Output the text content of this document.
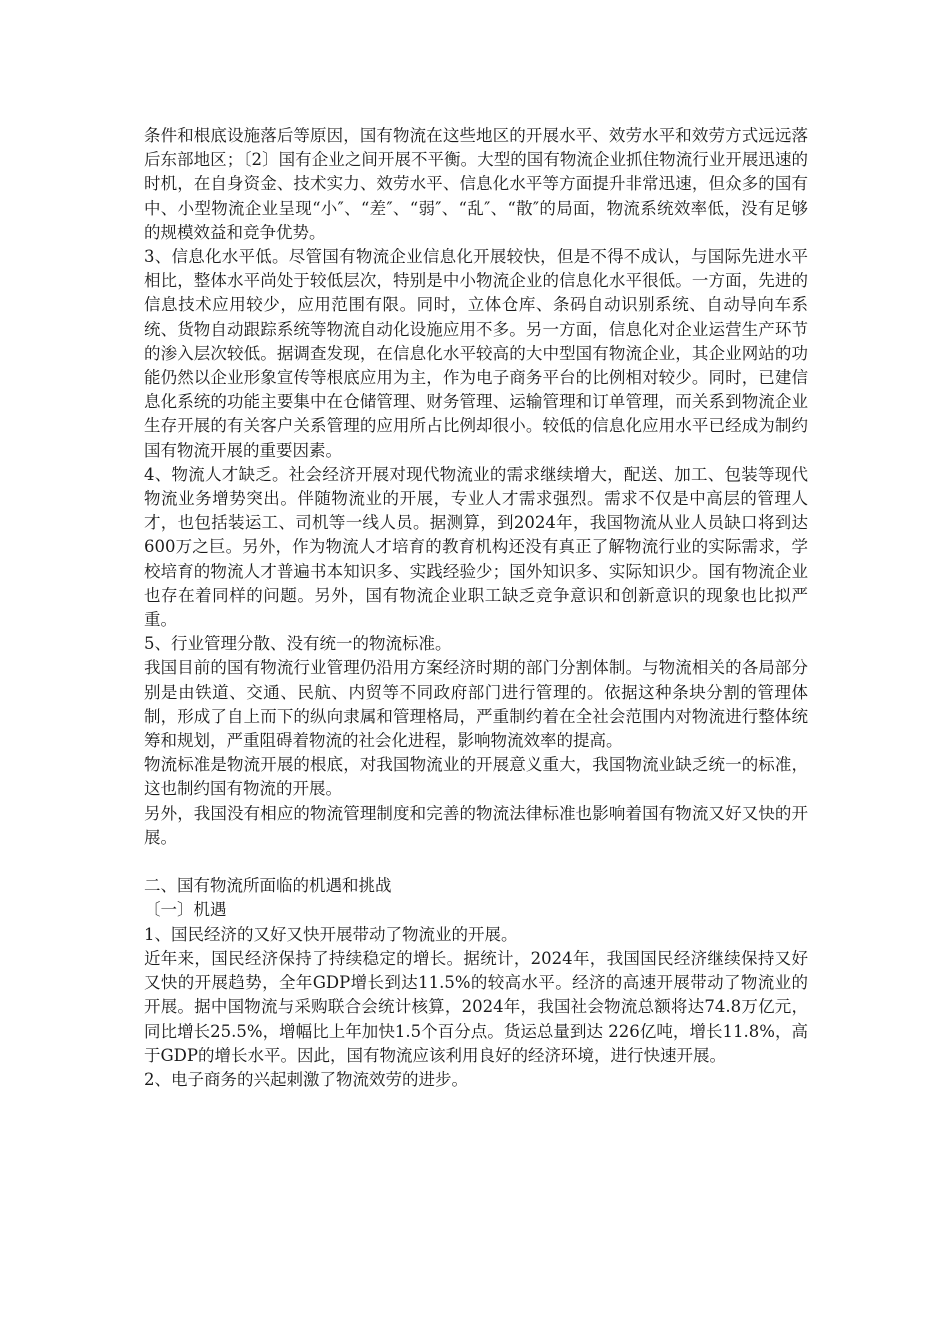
条件和根底设施落后等原因，国有物流在这些地区的开展水平、效劳水平和效劳方式远远落后东部地区；〔2〕国有企业之间开展不平衡。大型的国有物流企业抓住物流行业开展迅速的时机，在自身资金、技术实力、效劳水平、信息化水平等方面提升非常迅速，但众多的国有中、小型物流企业呈现“小″、“差″、“弱″、“乱″、“散″的局面，物流系统效率低，没有足够的规模效益和竞争优势。

3、信息化水平低。尽管国有物流企业信息化开展较快，但是不得不成认，与国际先进水平相比，整体水平尚处于较低层次，特别是中小物流企业的信息化水平很低。一方面，先进的信息技术应用较少，应用范围有限。同时，立体仓库、条码自动识别系统、自动导向车系统、货物自动跟踪系统等物流自动化设施应用不多。另一方面，信息化对企业运营生产环节的渗入层次较低。据调查发现，在信息化水平较高的大中型国有物流企业，其企业网站的功能仍然以企业形象宣传等根底应用为主，作为电子商务平台的比例相对较少。同时，已建信息化系统的功能主要集中在仓储管理、财务管理、运输管理和订单管理，而关系到物流企业生存开展的有关客户关系管理的应用所占比例却很小。较低的信息化应用水平已经成为制约国有物流开展的重要因素。

4、物流人才缺乏。社会经济开展对现代物流业的需求继续增大，配送、加工、包装等现代物流业务增势突出。伴随物流业的开展，专业人才需求强烈。需求不仅是中高层的管理人才，也包括装运工、司机等一线人员。据测算，到2024年，我国物流从业人员缺口将到达600万之巨。另外，作为物流人才培育的教育机构还没有真正了解物流行业的实际需求，学校培育的物流人才普遍书本知识多、实践经验少；国外知识多、实际知识少。国有物流企业也存在着同样的问题。另外，国有物流企业职工缺乏竞争意识和创新意识的现象也比拟严重。

5、行业管理分散、没有统一的物流标准。

我国目前的国有物流行业管理仍沿用方案经济时期的部门分割体制。与物流相关的各局部分别是由铁道、交通、民航、内贸等不同政府部门进行管理的。依据这种条块分割的管理体制，形成了自上而下的纵向隶属和管理格局，严重制约着在全社会范围内对物流进行整体统筹和规划，严重阻碍着物流的社会化进程，影响物流效率的提高。

物流标准是物流开展的根底，对我国物流业的开展意义重大，我国物流业缺乏统一的标准，这也制约国有物流的开展。

另外，我国没有相应的物流管理制度和完善的物流法律标准也影响着国有物流又好又快的开展。

二、国有物流所面临的机遇和挑战

〔一〕机遇

1、国民经济的又好又快开展带动了物流业的开展。

近年来，国民经济保持了持续稳定的增长。据统计，2024年，我国国民经济继续保持又好又快的开展趋势，全年GDP增长到达11.5%的较高水平。经济的高速开展带动了物流业的开展。据中国物流与采购联合会统计核算，2024年，我国社会物流总额将达74.8万亿元，同比增长25.5%，增幅比上年加快1.5个百分点。货运总量到达 226亿吨，增长11.8%，高于GDP的增长水平。因此，国有物流应该利用良好的经济环境，进行快速开展。

2、电子商务的兴起刺激了物流效劳的进步。
